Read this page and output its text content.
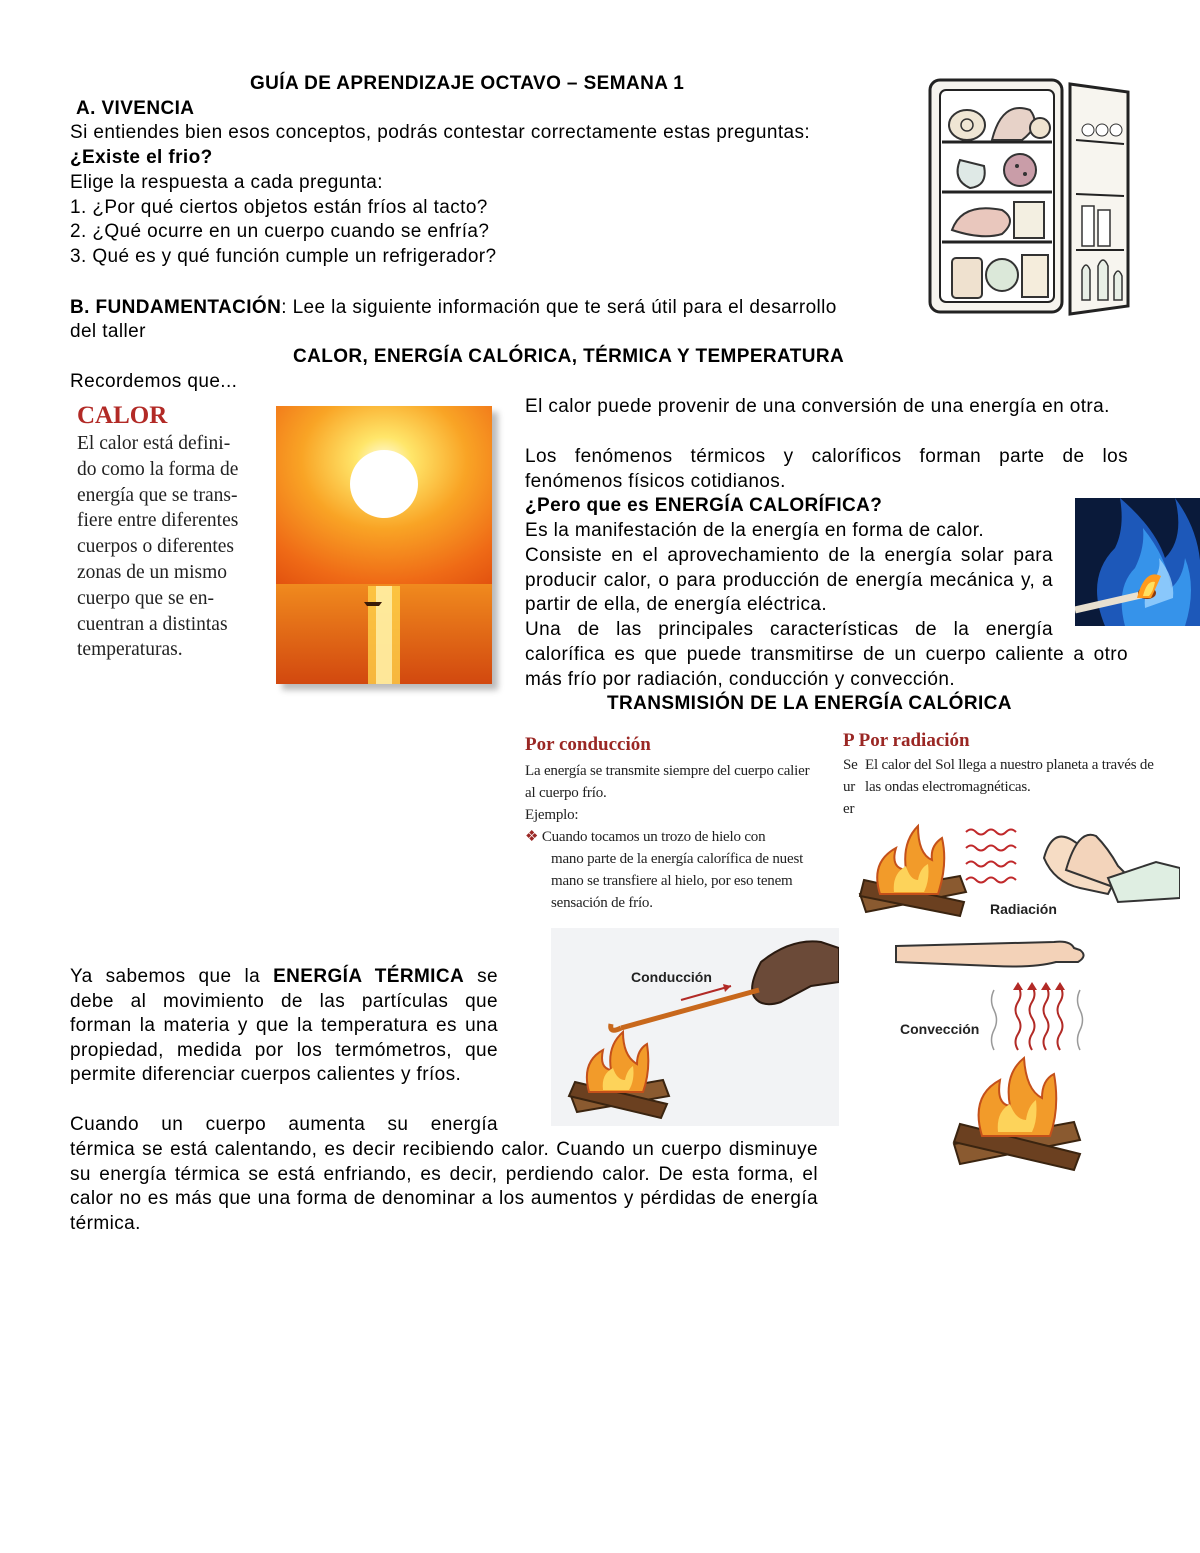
GUÍA DE APRENDIZAJE OCTAVO – SEMANA 1
A. VIVENCIA
Si entiendes bien esos conceptos, podrás contestar correctamente estas preguntas:
¿Existe el frio?
Elige la respuesta a cada pregunta:
1. ¿Por qué ciertos objetos están fríos al tacto?
2. ¿Qué ocurre en un cuerpo cuando se enfría?
3. Qué es y qué función cumple un refrigerador?
B. FUNDAMENTACIÓN: Lee la siguiente información que te será útil para el desarrollo
del taller
CALOR, ENERGÍA CALÓRICA, TÉRMICA Y TEMPERATURA
Recordemos que...
CALOR
El calor está defini-
do como la forma de
energía que se trans-
fiere entre diferentes
cuerpos o diferentes
zonas de un mismo
cuerpo que se en-
cuentran a distintas
temperaturas.
El calor puede provenir de una conversión de una energía en otra.
Los fenómenos térmicos y caloríficos forman parte de los fenómenos físicos cotidianos.
¿Pero que es ENERGÍA CALORÍFICA?
Es la manifestación de la energía en forma de calor.
Consiste en el aprovechamiento de la energía solar para producir calor, o para producción de energía mecánica y, a partir de ella, de energía eléctrica.
Una de las principales características de la energía
calorífica es que puede transmitirse de un cuerpo caliente a otro más frío por radiación, conducción y convección.
TRANSMISIÓN DE LA ENERGÍA CALÓRICA
Por conducción
La energía se transmite siempre del cuerpo calier
al cuerpo frío.
Ejemplo:
❖ Cuando tocamos un trozo de hielo con
mano parte de la energía calorífica de nuest
mano se transfiere al hielo, por eso tenem
sensación de frío.
P Por radiación
Se
ur
er
El calor del Sol llega a nuestro planeta a través de
las ondas electromagnéticas.
Radiación
Conducción
Convección
Ya sabemos que la ENERGÍA TÉRMICA se debe al movimiento de las partículas que forman la materia y que la temperatura es una propiedad, medida por los termómetros, que permite diferenciar cuerpos calientes y fríos.
Cuando un cuerpo aumenta su energía
térmica se está calentando, es decir recibiendo calor. Cuando un cuerpo disminuye su energía térmica se está enfriando, es decir, perdiendo calor. De esta forma, el calor no es más que una forma de denominar a los aumentos y pérdidas de energía térmica.
